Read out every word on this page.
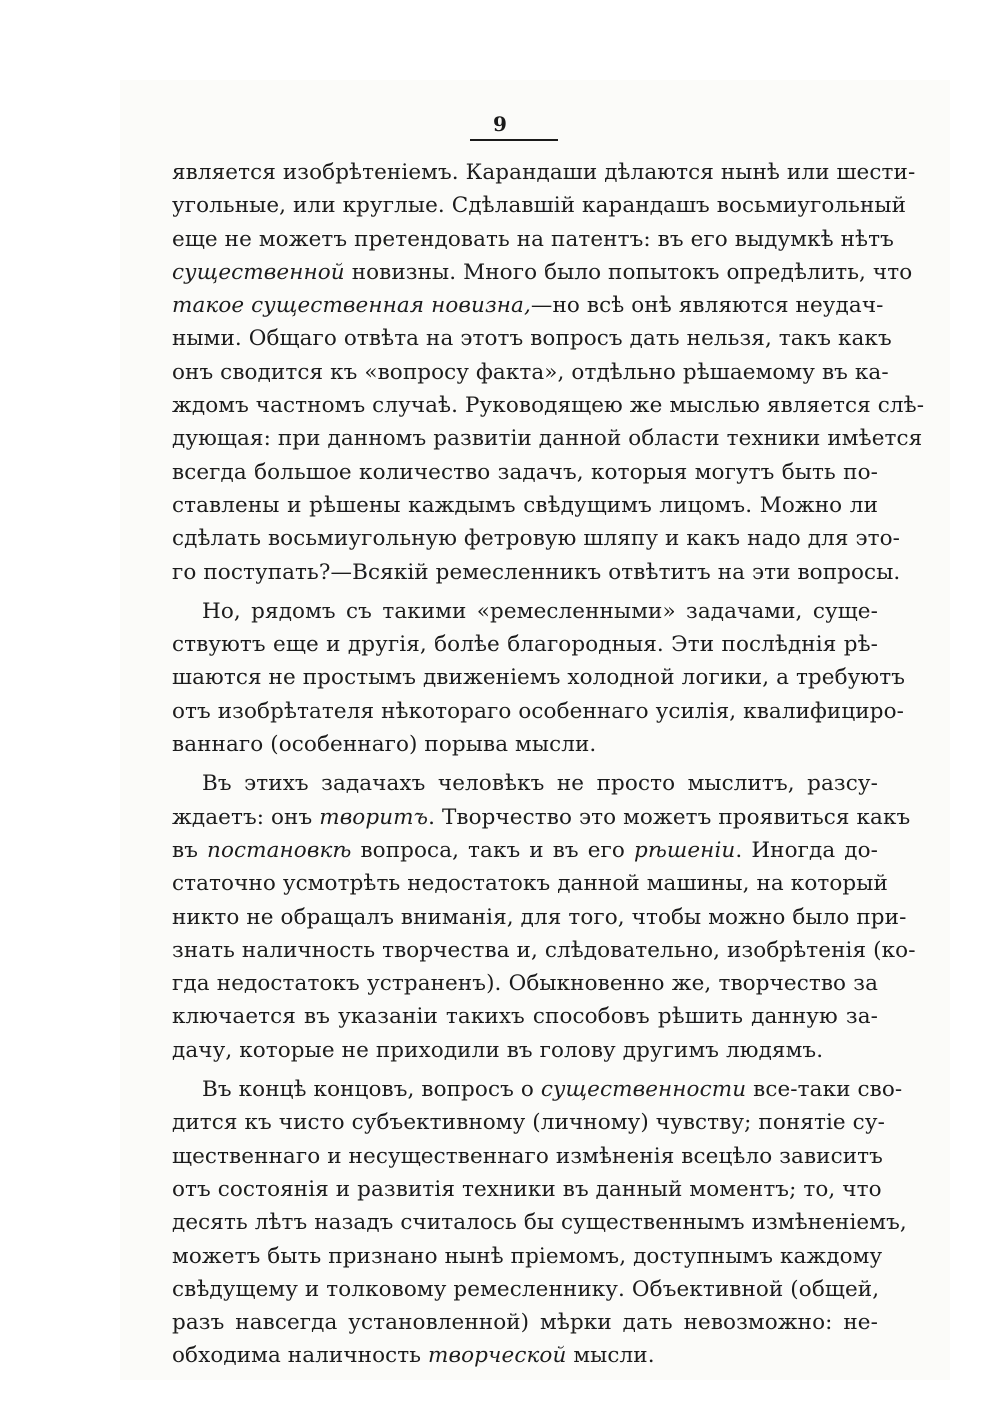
9
является изобрѣтеніемъ. Карандаши дѣлаются нынѣ или шести-
угольные, или круглые. Сдѣлавшій карандашъ восьмиугольный
еще не можетъ претендовать на патентъ: въ его выдумкѣ нѣтъ
существенной новизны. Много было попытокъ опредѣлить, что
такое существенная новизна,—но всѣ онѣ являются неудач-
ными. Общаго отвѣта на этотъ вопросъ дать нельзя, такъ какъ
онъ сводится къ «вопросу факта», отдѣльно рѣшаемому въ ка-
ждомъ частномъ случаѣ. Руководящею же мыслью является слѣ-
дующая: при данномъ развитіи данной области техники имѣется
всегда большое количество задачъ, которыя могутъ быть по-
ставлены и рѣшены каждымъ свѣдущимъ лицомъ. Можно ли
сдѣлать восьмиугольную фетровую шляпу и какъ надо для это-
го поступать?—Всякій ремесленникъ отвѣтитъ на эти вопросы.
Но, рядомъ съ такими «ремесленными» задачами, суще-
ствуютъ еще и другія, болѣе благородныя. Эти послѣднія рѣ-
шаются не простымъ движеніемъ холодной логики, а требуютъ
отъ изобрѣтателя нѣкотораго особеннаго усилія, квалифициро-
ваннаго (особеннаго) порыва мысли.
Въ этихъ задачахъ человѣкъ не просто мыслитъ, разсу-
ждаетъ: онъ творитъ. Творчество это можетъ проявиться какъ
въ постановкѣ вопроса, такъ и въ его рѣшеніи. Иногда до-
статочно усмотрѣть недостатокъ данной машины, на который
никто не обращалъ вниманія, для того, чтобы можно было при-
знать наличность творчества и, слѣдовательно, изобрѣтенія (ко-
гда недостатокъ устраненъ). Обыкновенно же, творчество за
ключается въ указаніи такихъ способовъ рѣшить данную за-
дачу, которые не приходили въ голову другимъ людямъ.
Въ концѣ концовъ, вопросъ о существенности все-таки сво-
дится къ чисто субъективному (личному) чувству; понятіе су-
щественнаго и несущественнаго измѣненія всецѣло зависитъ
отъ состоянія и развитія техники въ данный моментъ; то, что
десять лѣтъ назадъ считалось бы существеннымъ измѣненіемъ,
можетъ быть признано нынѣ пріемомъ, доступнымъ каждому
свѣдущему и толковому ремесленнику. Объективной (общей,
разъ навсегда установленной) мѣрки дать невозможно: не-
обходима наличность творческой мысли.
